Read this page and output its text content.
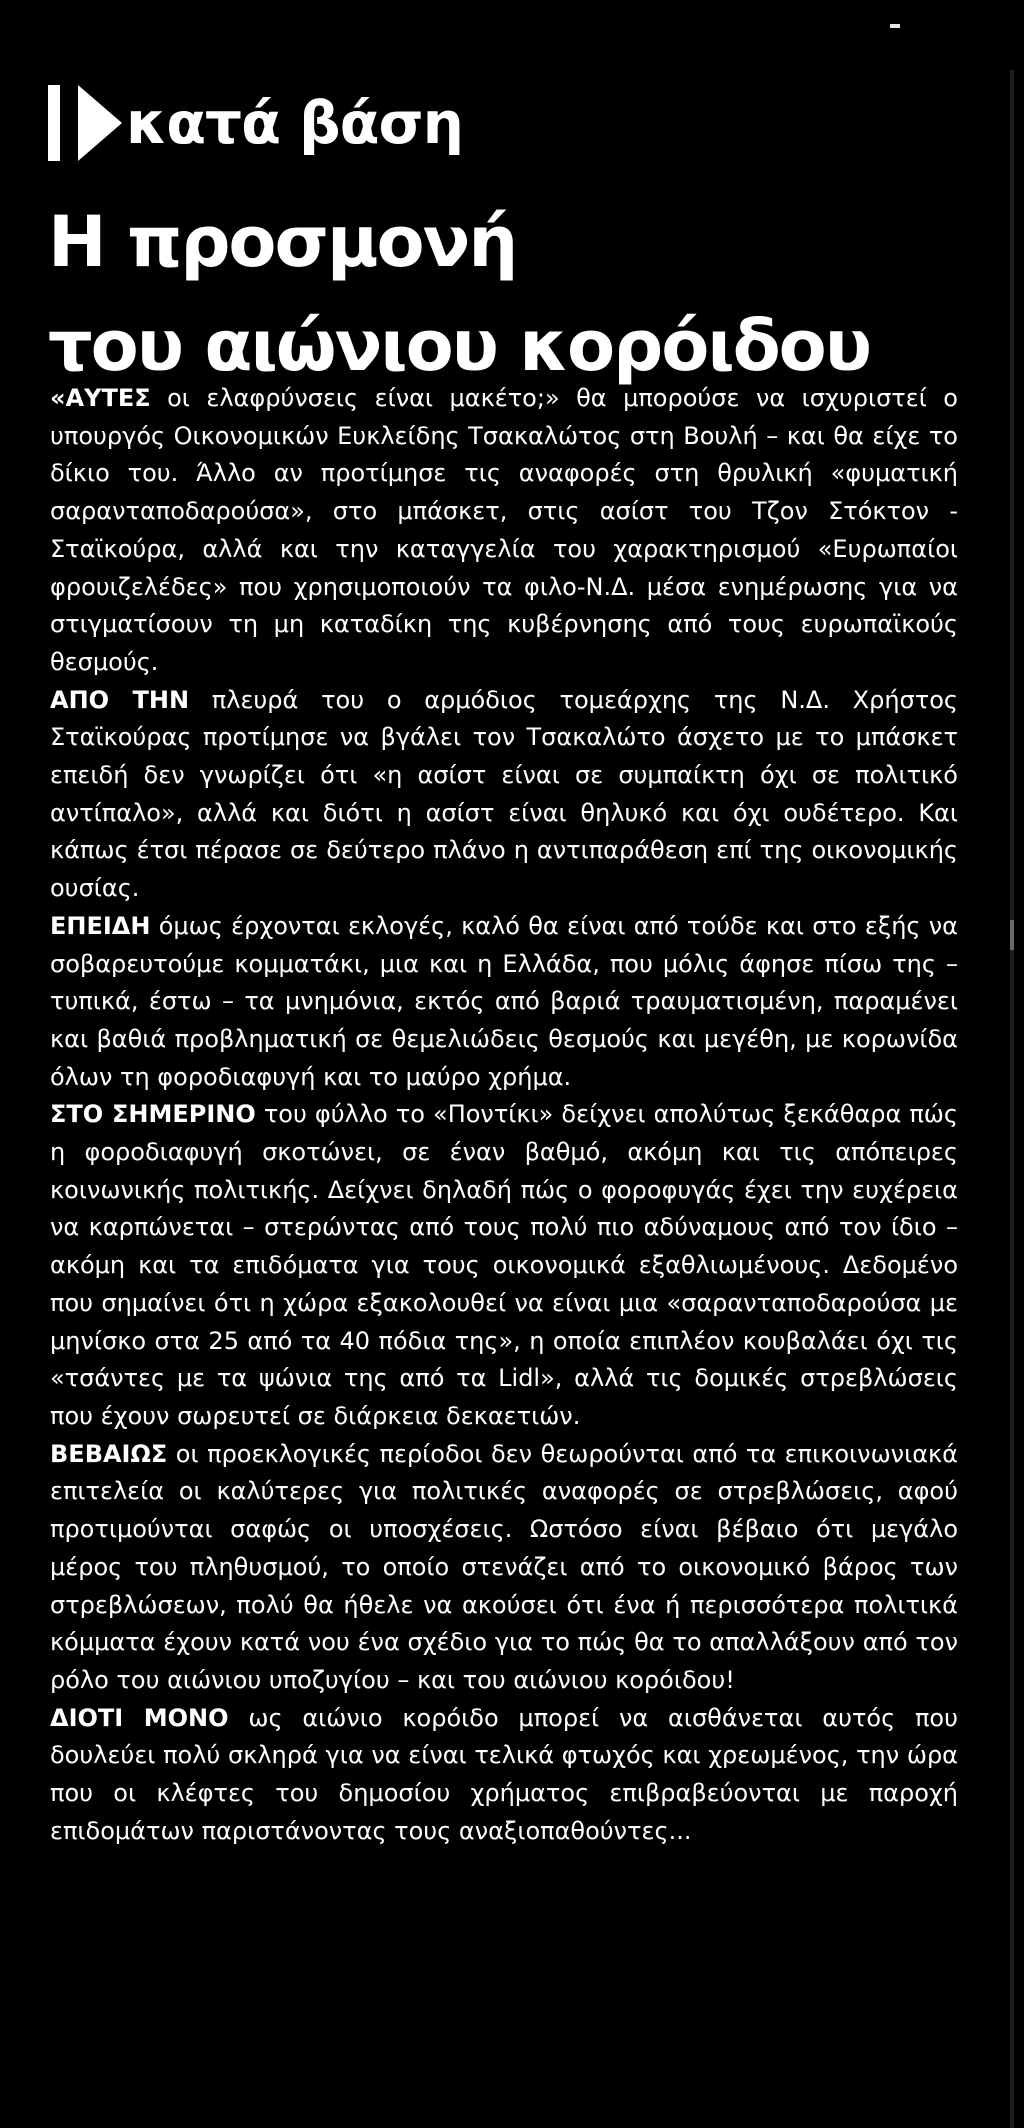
κατά βάση
Η προσμονή
του αιώνιου κορόιδου

«ΑΥΤΕΣ οι ελαφρύνσεις είναι μακέτο;» θα μπορούσε να ισχυριστεί ο υπουργός Οικονομικών Ευκλείδης Τσακαλώτος στη Βουλή – και θα είχε το δίκιο του. Άλλο αν προτίμησε τις αναφορές στη θρυλική «φυματική σαρανταποδαρούσα», στο μπάσκετ, στις ασίστ του Τζον Στόκτον - Σταϊκούρα, αλλά και την καταγγελία του χαρακτηρισμού «Ευρωπαίοι φρουιζελέδες» που χρησιμοποιούν τα φιλο-Ν.Δ. μέσα ενημέρωσης για να στιγματίσουν τη μη καταδίκη της κυβέρνησης από τους ευρωπαϊκούς θεσμούς.

ΑΠΟ ΤΗΝ πλευρά του ο αρμόδιος τομεάρχης της Ν.Δ. Χρήστος Σταϊκούρας προτίμησε να βγάλει τον Τσακαλώτο άσχετο με το μπάσκετ επειδή δεν γνωρίζει ότι «η ασίστ είναι σε συμπαίκτη όχι σε πολιτικό αντίπαλο», αλλά και διότι η ασίστ είναι θηλυκό και όχι ουδέτερο. Και κάπως έτσι πέρασε σε δεύτερο πλάνο η αντιπαράθεση επί της οικονομικής ουσίας.

ΕΠΕΙΔΗ όμως έρχονται εκλογές, καλό θα είναι από τούδε και στο εξής να σοβαρευτούμε κομματάκι, μια και η Ελλάδα, που μόλις άφησε πίσω της – τυπικά, έστω – τα μνημόνια, εκτός από βαριά τραυματισμένη, παραμένει και βαθιά προβληματική σε θεμελιώδεις θεσμούς και μεγέθη, με κορωνίδα όλων τη φοροδιαφυγή και το μαύρο χρήμα.

ΣΤΟ ΣΗΜΕΡΙΝΟ του φύλλο το «Ποντίκι» δείχνει απολύτως ξεκάθαρα πώς η φοροδιαφυγή σκοτώνει, σε έναν βαθμό, ακόμη και τις απόπειρες κοινωνικής πολιτικής. Δείχνει δηλαδή πώς ο φοροφυγάς έχει την ευχέρεια να καρπώνεται – στερώντας από τους πολύ πιο αδύναμους από τον ίδιο – ακόμη και τα επιδόματα για τους οικονομικά εξαθλιωμένους. Δεδομένο που σημαίνει ότι η χώρα εξακολουθεί να είναι μια «σαρανταποδαρούσα με μηνίσκο στα 25 από τα 40 πόδια της», η οποία επιπλέον κουβαλάει όχι τις «τσάντες με τα ψώνια της από τα Lidl», αλλά τις δομικές στρεβλώσεις που έχουν σωρευτεί σε διάρκεια δεκαετιών.

ΒΕΒΑΙΩΣ οι προεκλογικές περίοδοι δεν θεωρούνται από τα επικοινωνιακά επιτελεία οι καλύτερες για πολιτικές αναφορές σε στρεβλώσεις, αφού προτιμούνται σαφώς οι υποσχέσεις. Ωστόσο είναι βέβαιο ότι μεγάλο μέρος του πληθυσμού, το οποίο στενάζει από το οικονομικό βάρος των στρεβλώσεων, πολύ θα ήθελε να ακούσει ότι ένα ή περισσότερα πολιτικά κόμματα έχουν κατά νου ένα σχέδιο για το πώς θα το απαλλάξουν από τον ρόλο του αιώνιου υποζυγίου – και του αιώνιου κορόιδου!

ΔΙΟΤΙ ΜΟΝΟ ως αιώνιο κορόιδο μπορεί να αισθάνεται αυτός που δουλεύει πολύ σκληρά για να είναι τελικά φτωχός και χρεωμένος, την ώρα που οι κλέφτες του δημοσίου χρήματος επιβραβεύονται με παροχή επιδομάτων παριστάνοντας τους αναξιοπαθούντες...
